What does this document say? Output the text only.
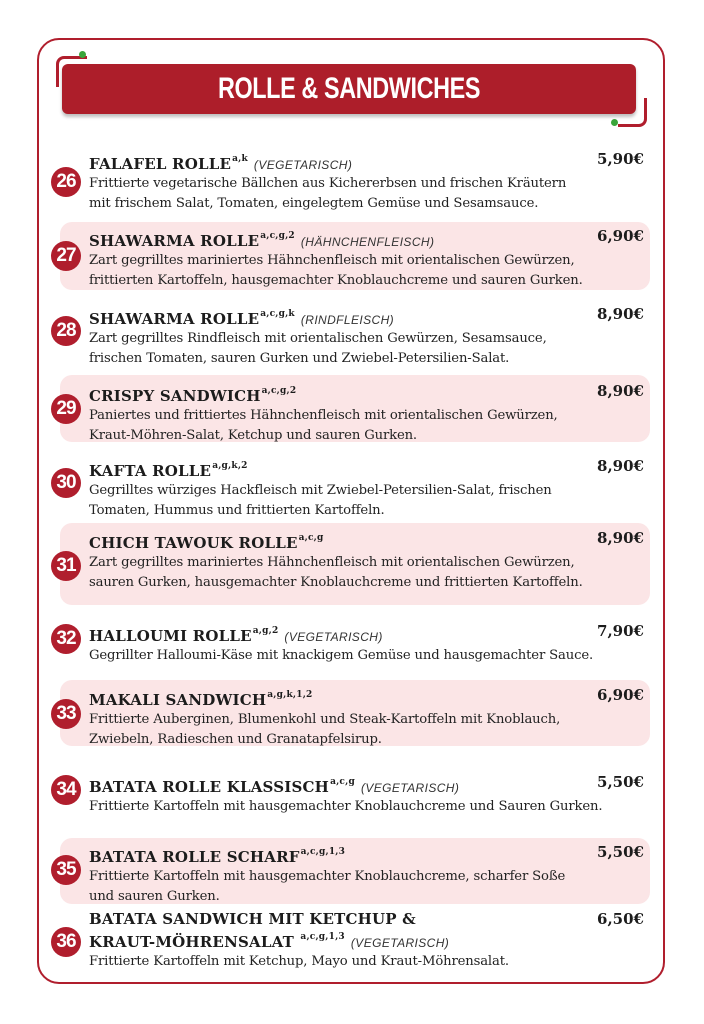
ROLLE & SANDWICHES
26
FALAFEL ROLLE$^{a,k}$ (VEGETARISCH)
Frittierte vegetarische Bällchen aus Kichererbsen und frischen Kräutern
mit frischem Salat, Tomaten, eingelegtem Gemüse und Sesamsauce.
5,90€
27
SHAWARMA ROLLE$^{a,c,g,2}$ (HÄHNCHENFLEISCH)
Zart gegrilltes mariniertes Hähnchenfleisch mit orientalischen Gewürzen,
frittierten Kartoffeln, hausgemachter Knoblauchcreme und sauren Gurken.
6,90€
28
SHAWARMA ROLLE$^{a,c,g,k}$ (RINDFLEISCH)
Zart gegrilltes Rindfleisch mit orientalischen Gewürzen, Sesamsauce,
frischen Tomaten, sauren Gurken und Zwiebel-Petersilien-Salat.
8,90€
29
CRISPY SANDWICH$^{a,c,g,2}$
Paniertes und frittiertes Hähnchenfleisch mit orientalischen Gewürzen,
Kraut-Möhren-Salat, Ketchup und sauren Gurken.
8,90€
30
KAFTA ROLLE$^{a,g,k,2}$
Gegrilltes würziges Hackfleisch mit Zwiebel-Petersilien-Salat, frischen
Tomaten, Hummus und frittierten Kartoffeln.
8,90€
31
CHICH TAWOUK ROLLE$^{a,c,g}$
Zart gegrilltes mariniertes Hähnchenfleisch mit orientalischen Gewürzen,
sauren Gurken, hausgemachter Knoblauchcreme und frittierten Kartoffeln.
8,90€
32 HALLOUMI ROLLE$^{a,g,2}$ (VEGETARISCH)
Gegrillter Halloumi-Käse mit knackigem Gemüse und hausgemachter Sauce.
7,90€
33
MAKALI SANDWICH$^{a,g,k,1,2}$
Frittierte Auberginen, Blumenkohl und Steak-Kartoffeln mit Knoblauch,
Zwiebeln, Radieschen und Granatapfelsirup.
6,90€
34 BATATA ROLLE KLASSISCH$^{a,c,g}$ (VEGETARISCH)
Frittierte Kartoffeln mit hausgemachter Knoblauchcreme und Sauren Gurken.
5,50€
35
BATATA ROLLE SCHARF$^{a,c,g,1,3}$
Frittierte Kartoffeln mit hausgemachter Knoblauchcreme, scharfer Soße
und sauren Gurken.
5,50€
36
BATATA SANDWICH MIT KETCHUP &
KRAUT-MÖHRENSALAT $^{a,c,g,1,3}$ (VEGETARISCH)
Frittierte Kartoffeln mit Ketchup, Mayo und Kraut-Möhrensalat.
6,50€
